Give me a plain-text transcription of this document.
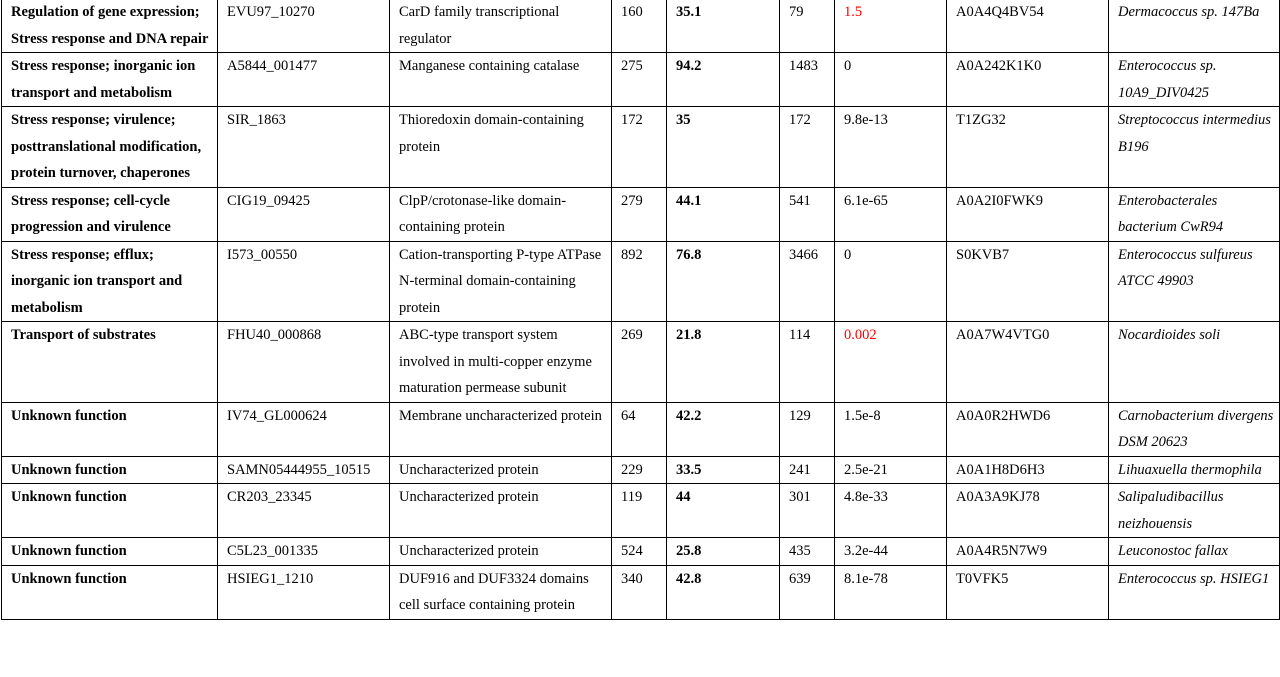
Regulation of gene expression; Stress response and DNA repair	EVU97_10270	CarD family transcriptional regulator	160	35.1	79	1.5	A0A4Q4BV54	Dermacoccus sp. 147Ba
Stress response; inorganic ion transport and metabolism	A5844_001477	Manganese containing catalase	275	94.2	1483	0	A0A242K1K0	Enterococcus sp. 10A9_DIV0425
Stress response; virulence; posttranslational modification, protein turnover, chaperones	SIR_1863	Thioredoxin domain-containing protein	172	35	172	9.8e-13	T1ZG32	Streptococcus intermedius B196
Stress response; cell-cycle progression and virulence	CIG19_09425	ClpP/crotonase-like domain-containing protein	279	44.1	541	6.1e-65	A0A2I0FWK9	Enterobacterales bacterium CwR94
Stress response; efflux; inorganic ion transport and metabolism	I573_00550	Cation-transporting P-type ATPase N-terminal domain-containing protein	892	76.8	3466	0	S0KVB7	Enterococcus sulfureus ATCC 49903
Transport of substrates	FHU40_000868	ABC-type transport system involved in multi-copper enzyme maturation permease subunit	269	21.8	114	0.002	A0A7W4VTG0	Nocardioides soli
Unknown function	IV74_GL000624	Membrane uncharacterized protein	64	42.2	129	1.5e-8	A0A0R2HWD6	Carnobacterium divergens DSM 20623
Unknown function	SAMN05444955_10515	Uncharacterized protein	229	33.5	241	2.5e-21	A0A1H8D6H3	Lihuaxuella thermophila
Unknown function	CR203_23345	Uncharacterized protein	119	44	301	4.8e-33	A0A3A9KJ78	Salipaludibacillus neizhouensis
Unknown function	C5L23_001335	Uncharacterized protein	524	25.8	435	3.2e-44	A0A4R5N7W9	Leuconostoc fallax
Unknown function	HSIEG1_1210	DUF916 and DUF3324 domains cell surface containing protein	340	42.8	639	8.1e-78	T0VFK5	Enterococcus sp. HSIEG1
